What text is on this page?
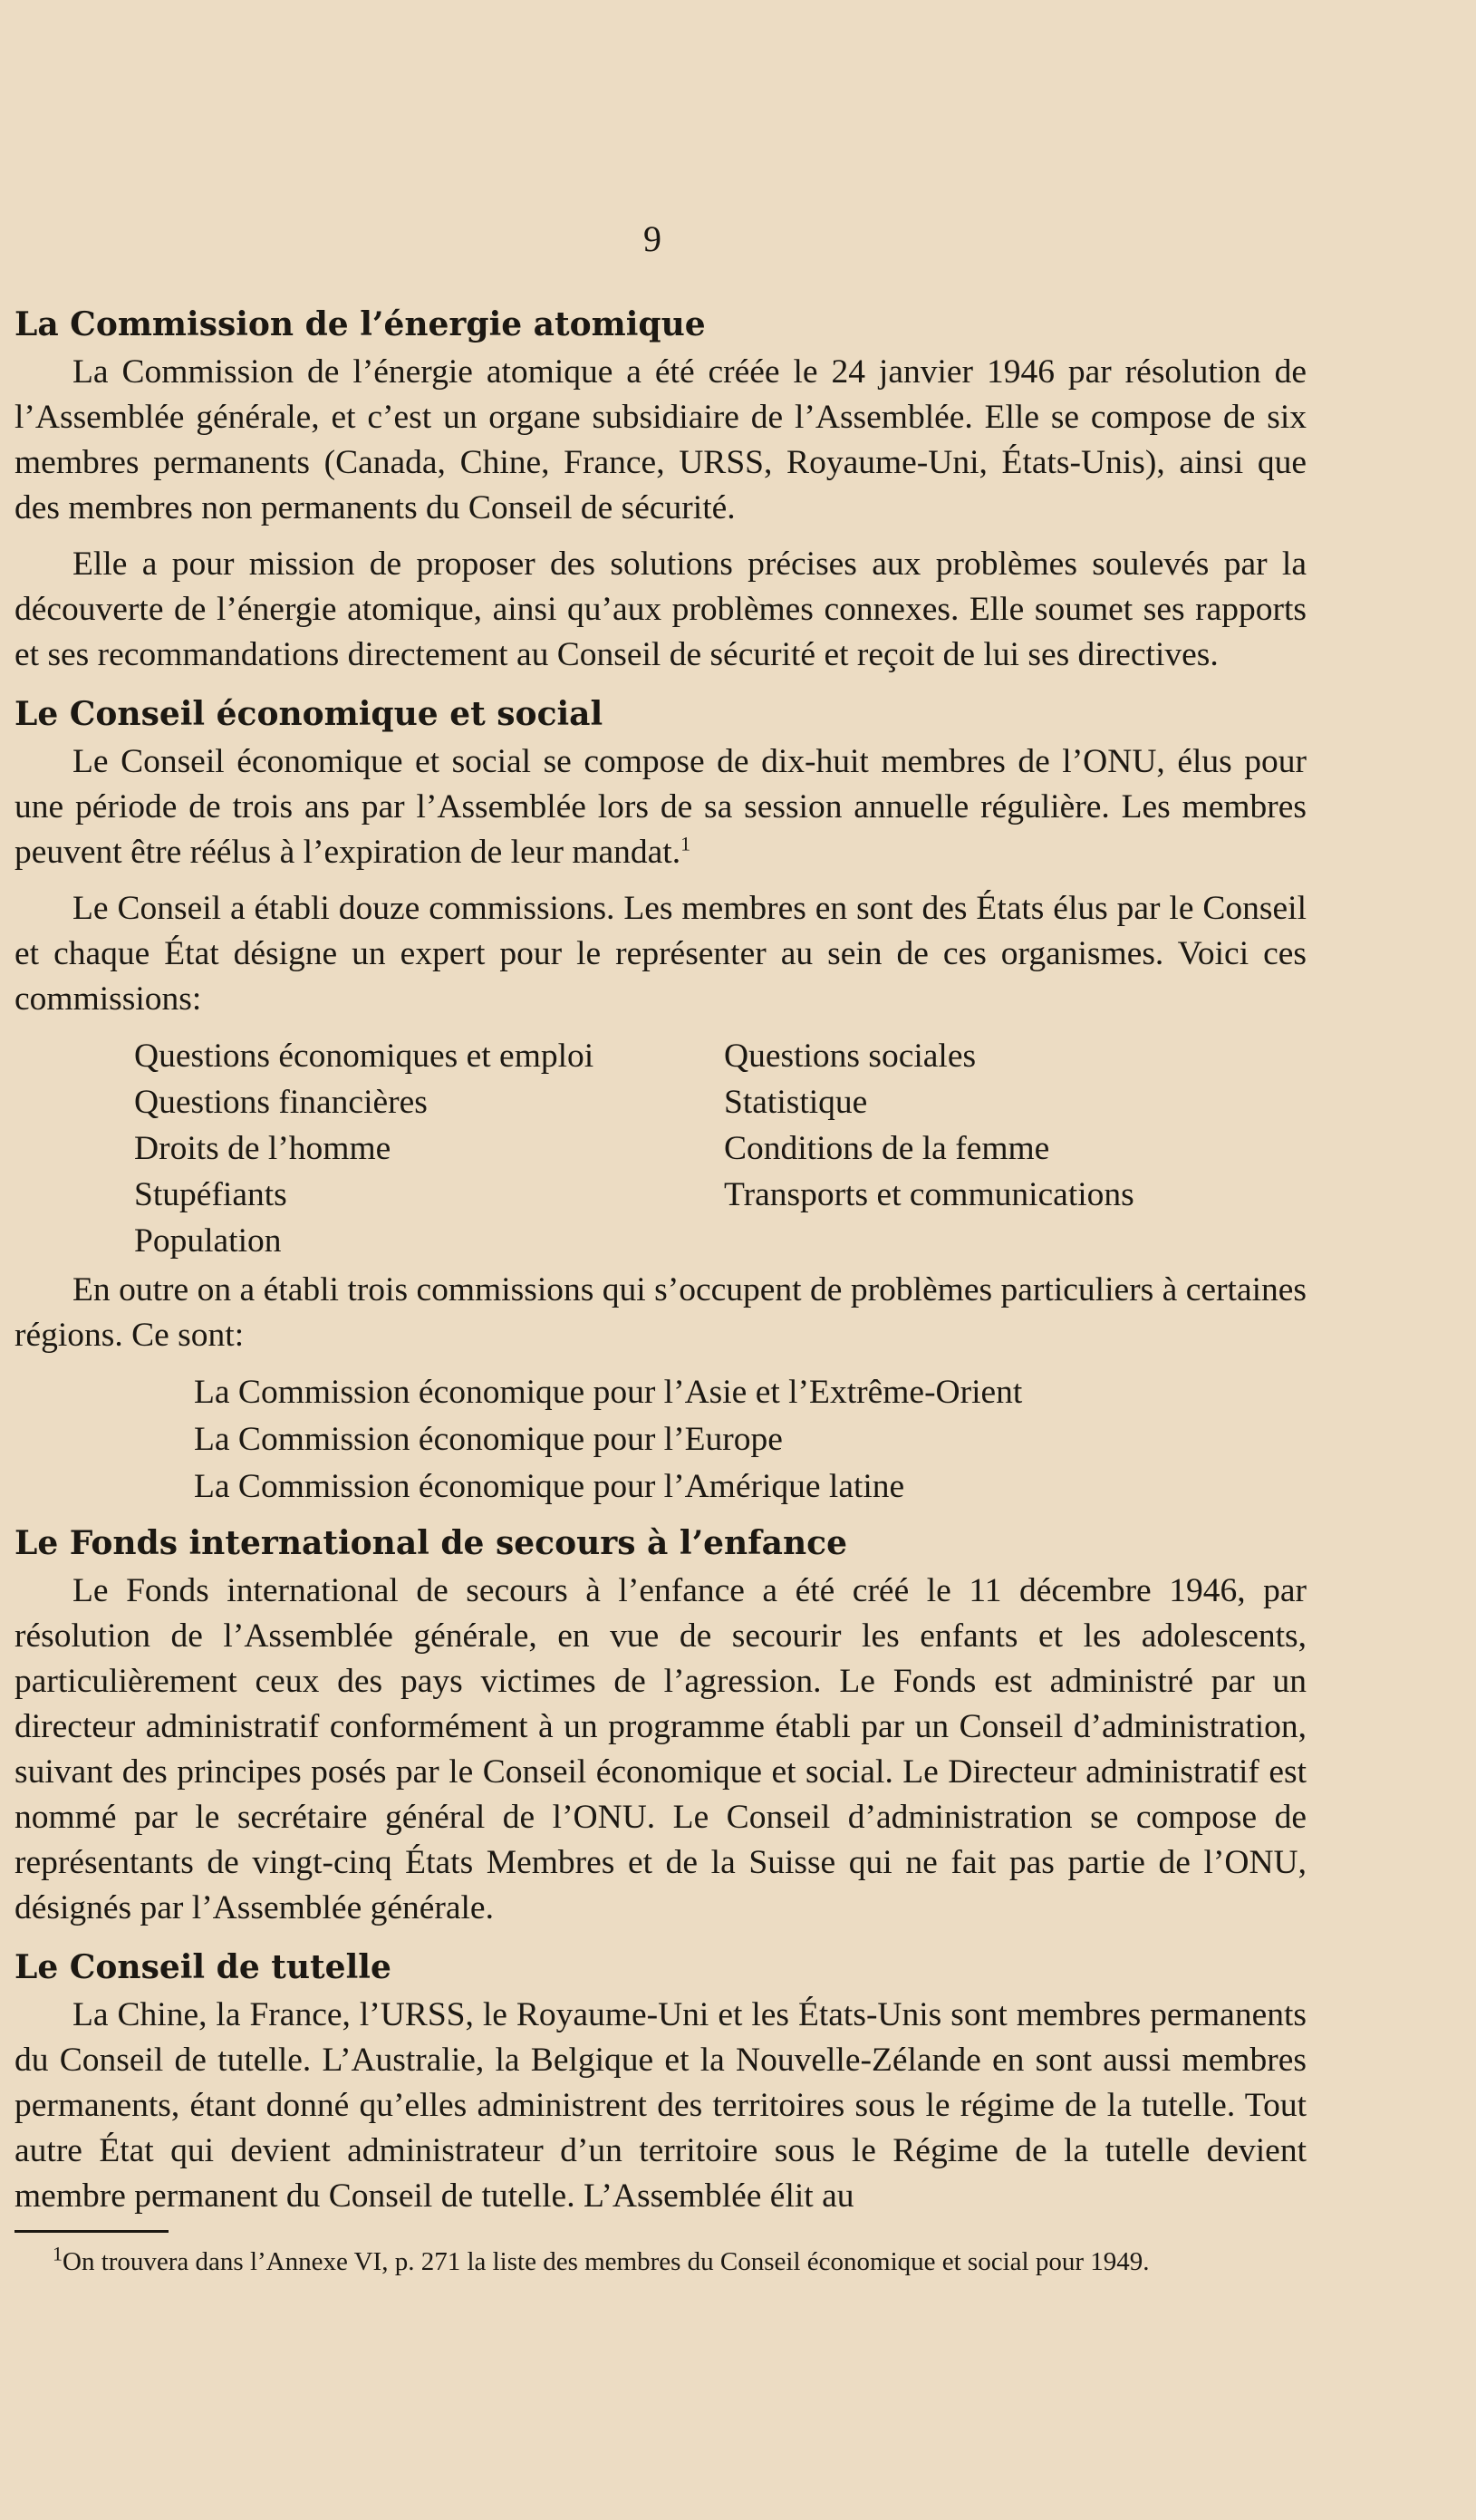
9
La Commission de l’énergie atomique

La Commission de l’énergie atomique a été créée le 24 janvier 1946 par résolution de l’Assemblée générale, et c’est un organe subsidiaire de l’Assemblée. Elle se compose de six membres permanents (Canada, Chine, France, URSS, Royaume-Uni, États-Unis), ainsi que des membres non permanents du Conseil de sécurité.

Elle a pour mission de proposer des solutions précises aux problèmes soulevés par la découverte de l’énergie atomique, ainsi qu’aux problèmes connexes. Elle soumet ses rapports et ses recommandations directement au Conseil de sécurité et reçoit de lui ses directives.

Le Conseil économique et social

Le Conseil économique et social se compose de dix-huit membres de l’ONU, élus pour une période de trois ans par l’Assemblée lors de sa session annuelle régulière. Les membres peuvent être réélus à l’expiration de leur mandat.$^1$

Le Conseil a établi douze commissions. Les membres en sont des États élus par le Conseil et chaque État désigne un expert pour le représenter au sein de ces organismes. Voici ces commissions:

Questions économiques et emploi
Questions financières
Droits de l’homme
Stupéfiants
Population
Questions sociales
Statistique
Conditions de la femme
Transports et communications

En outre on a établi trois commissions qui s’occupent de problèmes particuliers à certaines régions. Ce sont:

La Commission économique pour l’Asie et l’Extrême-Orient
La Commission économique pour l’Europe
La Commission économique pour l’Amérique latine
Le Fonds international de secours à l’enfance

Le Fonds international de secours à l’enfance a été créé le 11 décembre 1946, par résolution de l’Assemblée générale, en vue de secourir les enfants et les adolescents, particulièrement ceux des pays victimes de l’agression. Le Fonds est administré par un directeur administratif conformément à un programme établi par un Conseil d’administration, suivant des principes posés par le Conseil économique et social. Le Directeur administratif est nommé par le secrétaire général de l’ONU. Le Conseil d’administration se compose de représentants de vingt-cinq États Membres et de la Suisse qui ne fait pas partie de l’ONU, désignés par l’Assemblée générale.

Le Conseil de tutelle

La Chine, la France, l’URSS, le Royaume-Uni et les États-Unis sont membres permanents du Conseil de tutelle. L’Australie, la Belgique et la Nouvelle-Zélande en sont aussi membres permanents, étant donné qu’elles administrent des territoires sous le régime de la tutelle. Tout autre État qui devient administrateur d’un territoire sous le Régime de la tutelle devient membre permanent du Conseil de tutelle. L’Assemblée élit au

$^1$On trouvera dans l’Annexe VI, p. 271 la liste des membres du Conseil économique et social pour 1949.
